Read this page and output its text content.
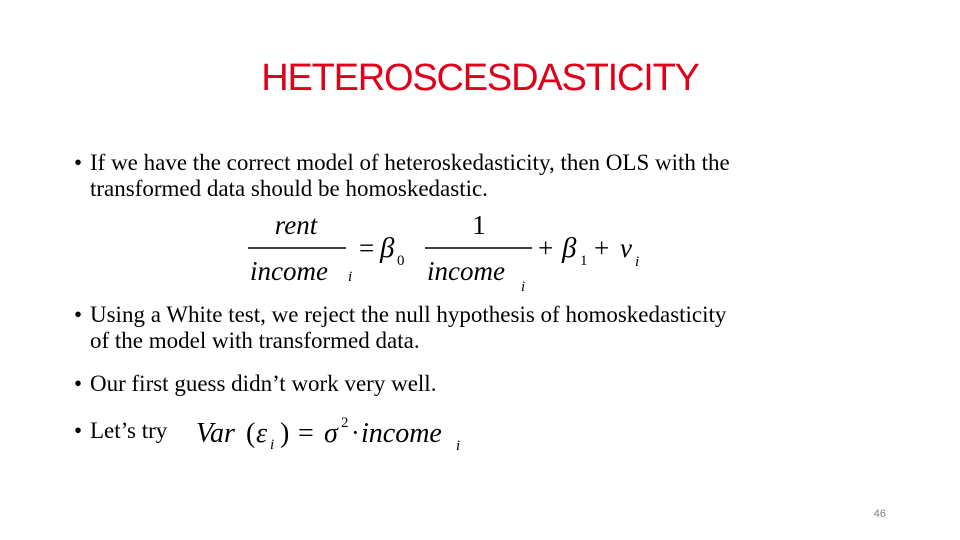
HETEROSCESDASTICITY
• If we have the correct model of heteroskedasticity, then OLS with the
transformed data should be homoskedastic.
rent
income i
= β 0
1
income
i
+ β 1 + v i
• Using a White test, we reject the null hypothesis of homoskedasticity
of the model with transformed data.
• Our first guess didn’t work very well.
• Let’s try Var ( ε i ) = σ 2 · income i
46
